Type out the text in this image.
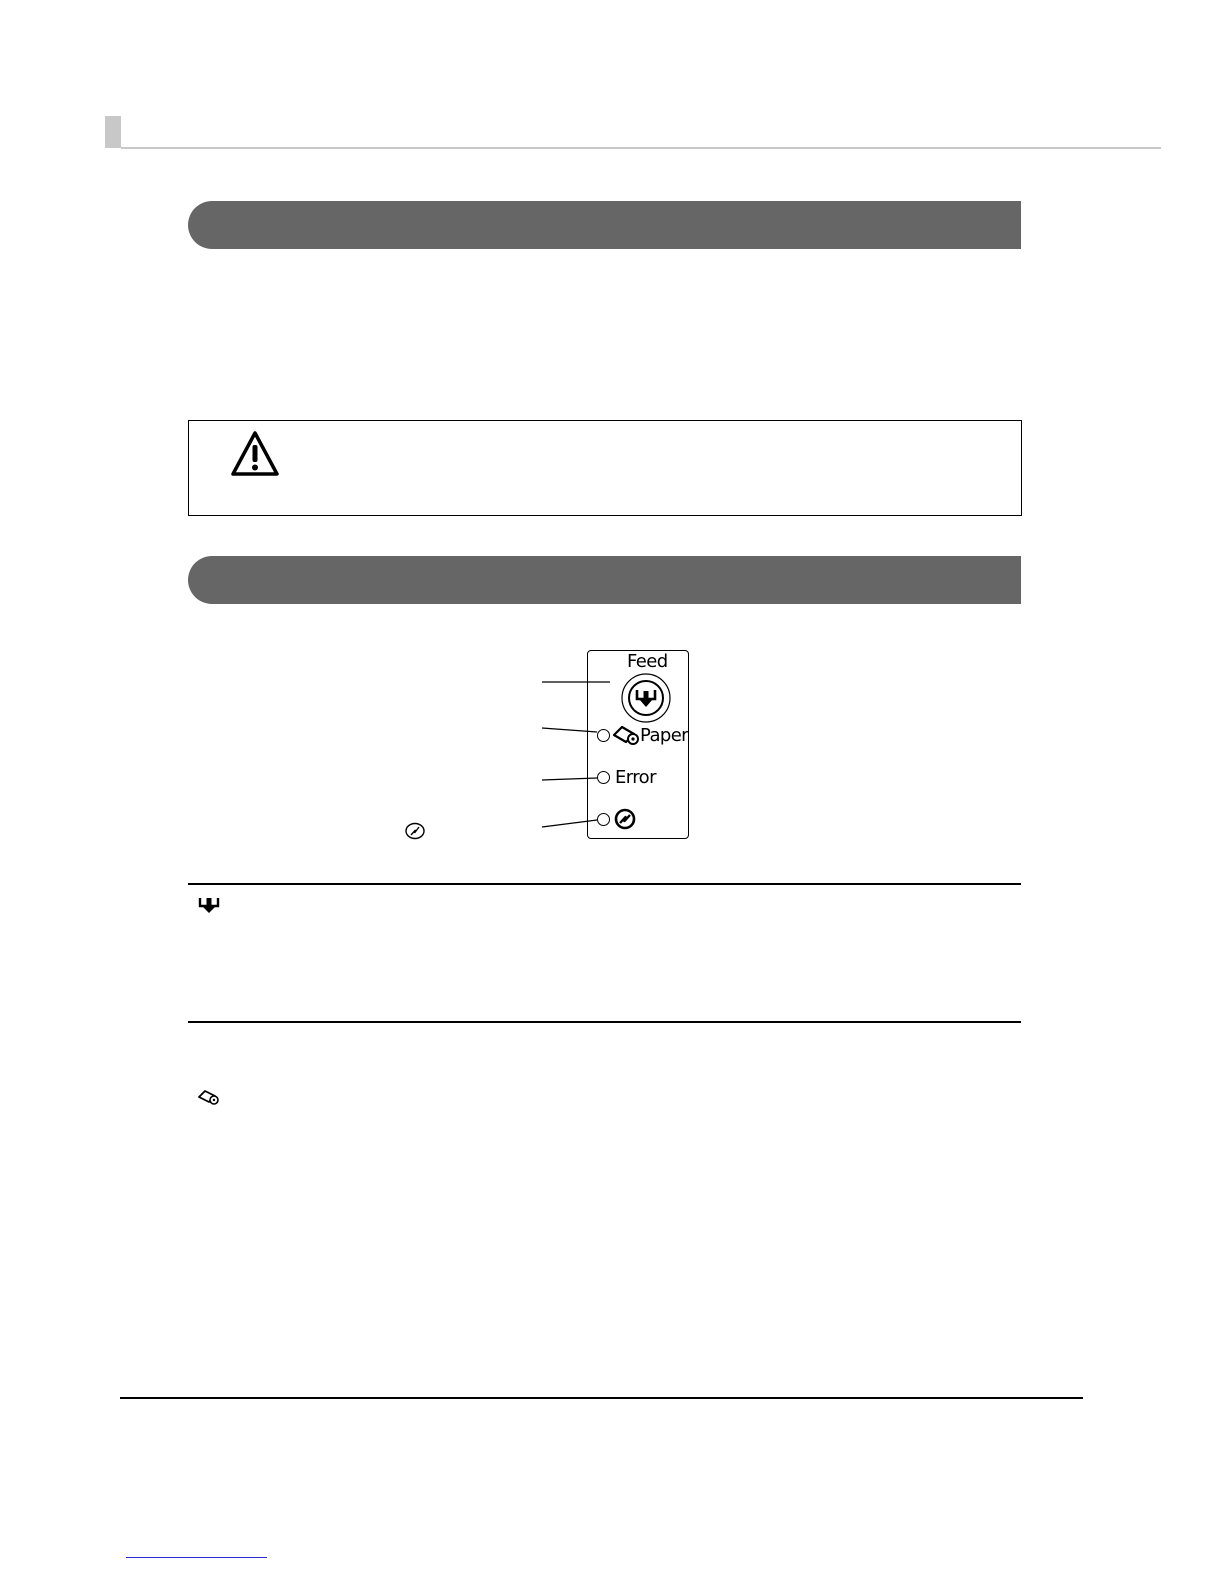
Feed
Paper
Error
